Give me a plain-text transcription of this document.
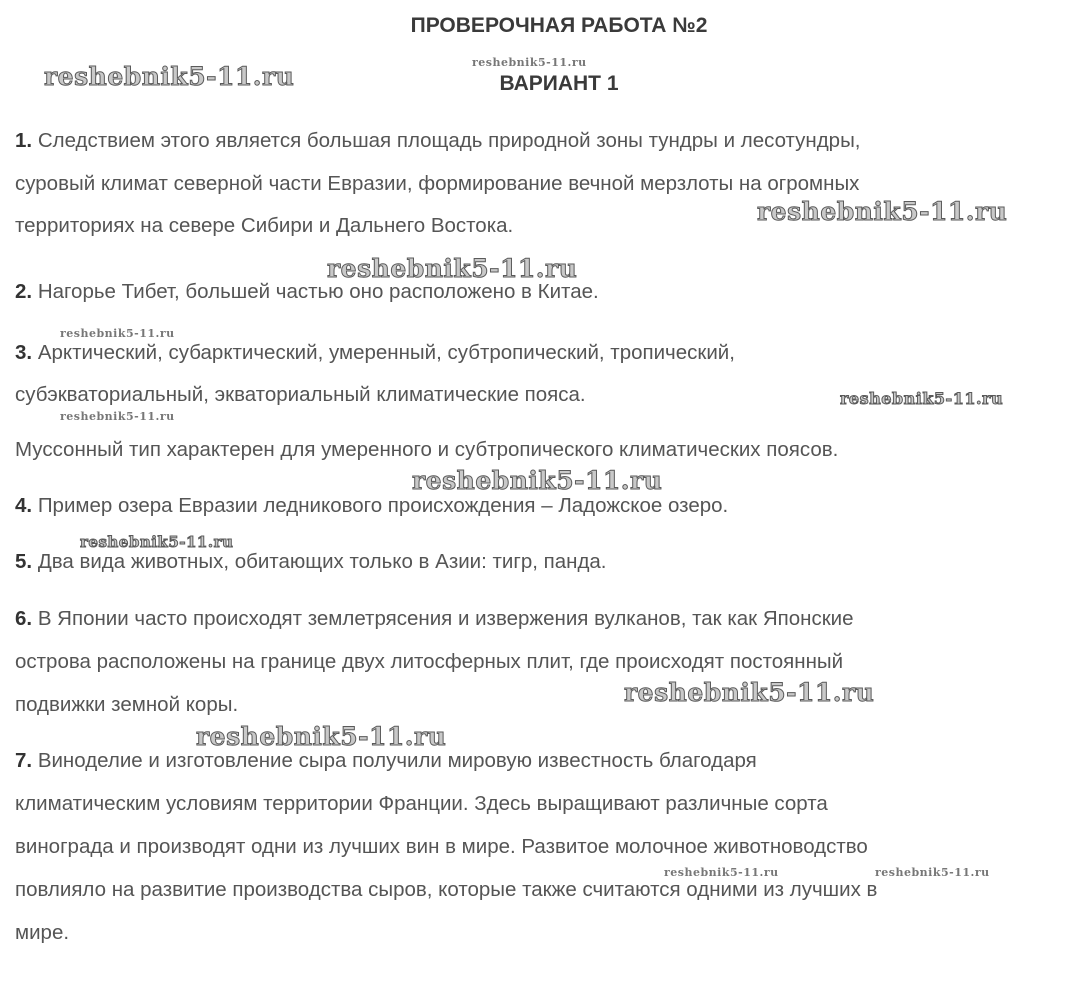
ПРОВЕРОЧНАЯ РАБОТА №2
ВАРИАНТ 1
1. Следствием этого является большая площадь природной зоны тундры и лесотундры,
суровый климат северной части Евразии, формирование вечной мерзлоты на огромных
территориях на севере Сибири и Дальнего Востока.
2. Нагорье Тибет, большей частью оно расположено в Китае.
3. Арктический, субарктический, умеренный, субтропический, тропический,
субэкваториальный, экваториальный климатические пояса.
Муссонный тип характерен для умеренного и субтропического климатических поясов.
4. Пример озера Евразии ледникового происхождения – Ладожское озеро.
5. Два вида животных, обитающих только в Азии: тигр, панда.
6. В Японии часто происходят землетрясения и извержения вулканов, так как Японские
острова расположены на границе двух литосферных плит, где происходят постоянный
подвижки земной коры.
7. Виноделие и изготовление сыра получили мировую известность благодаря
климатическим условиям территории Франции. Здесь выращивают различные сорта
винограда и производят одни из лучших вин в мире. Развитое молочное животноводство
повлияло на развитие производства сыров, которые также считаются одними из лучших в
мире.
reshebnik5-11.ru	reshebnik5-11.ru
reshebnik5-11.ru
reshebnik5-11.ru
reshebnik5-11.ru
reshebnik5-11.ru
reshebnik5-11.ru
reshebnik5-11.ru
reshebnik5-11.ru
reshebnik5-11.ru
reshebnik5-11.ru
reshebnik5-11.ru	reshebnik5-11.ru
